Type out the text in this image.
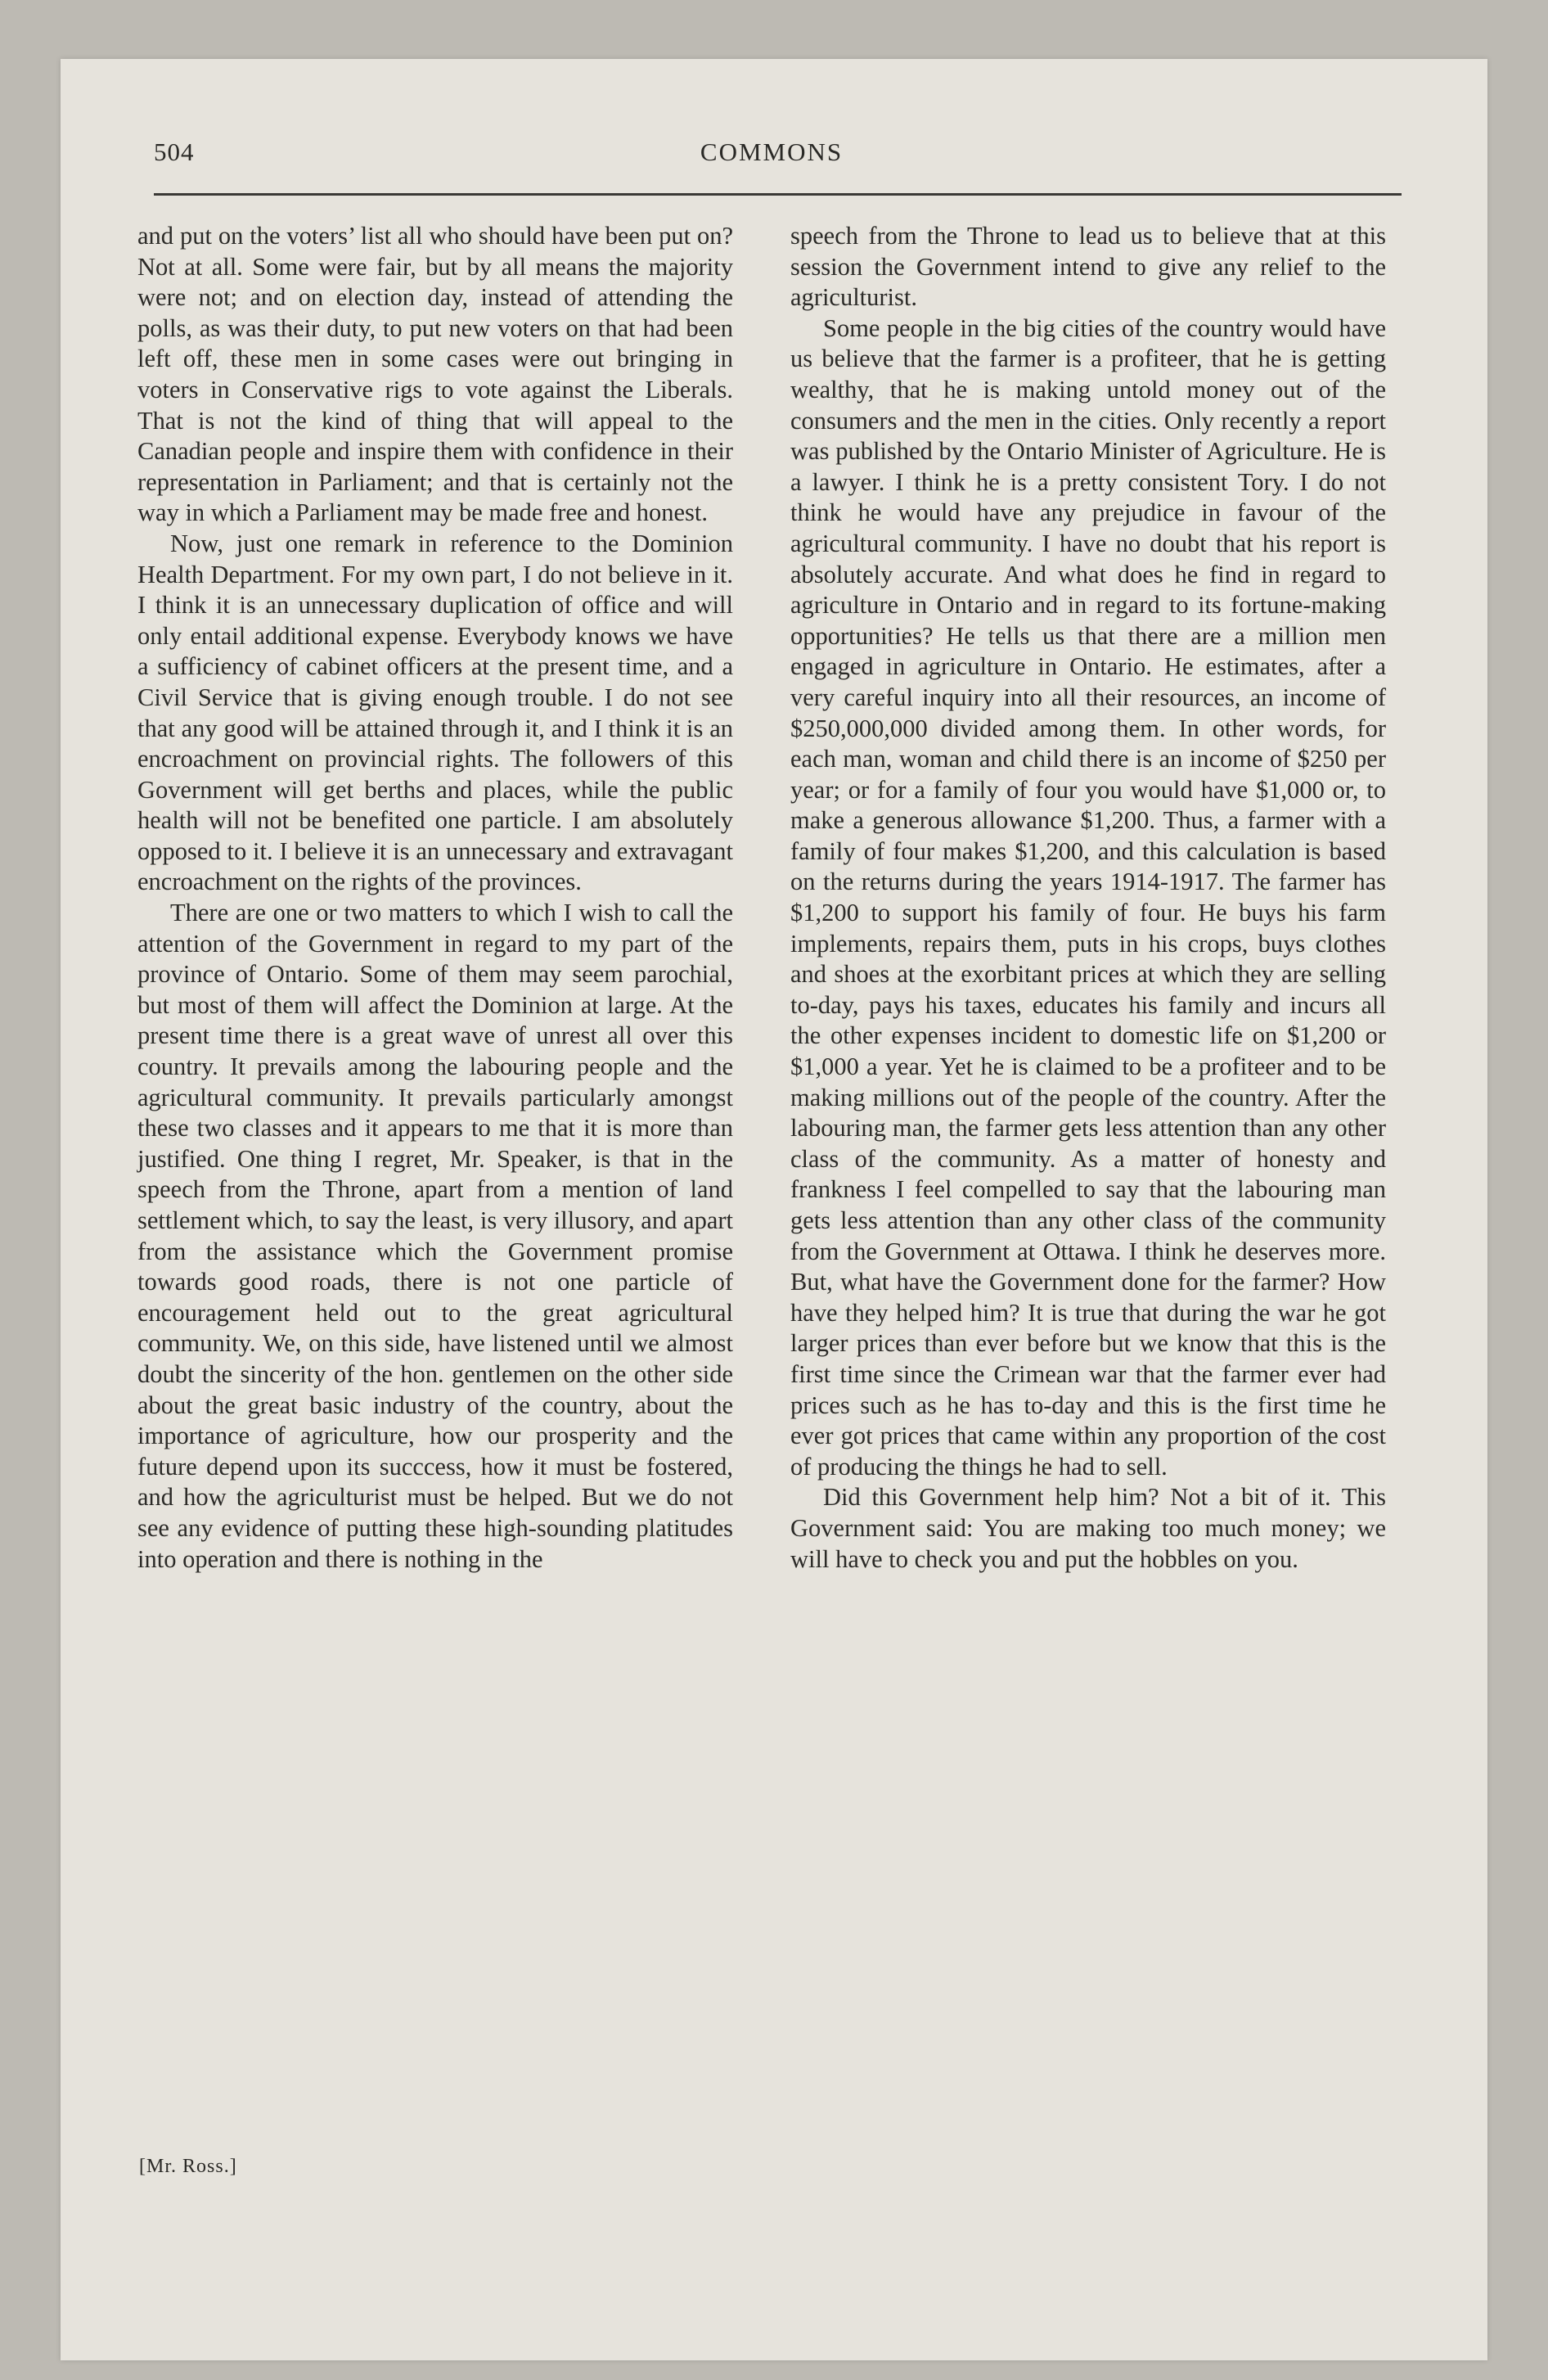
504	COMMONS

and put on the voters’ list all who should have been put on? Not at all. Some were fair, but by all means the majority were not; and on election day, instead of attending the polls, as was their duty, to put new voters on that had been left off, these men in some cases were out bringing in voters in Conservative rigs to vote against the Liberals. That is not the kind of thing that will appeal to the Canadian people and inspire them with confidence in their representation in Parliament; and that is certainly not the way in which a Parliament may be made free and honest.

Now, just one remark in reference to the Dominion Health Department. For my own part, I do not believe in it. I think it is an unnecessary duplication of office and will only entail additional expense. Everybody knows we have a sufficiency of cabinet officers at the present time, and a Civil Service that is giving enough trouble. I do not see that any good will be attained through it, and I think it is an encroachment on provincial rights. The followers of this Government will get berths and places, while the public health will not be benefited one particle. I am absolutely opposed to it. I believe it is an unnecessary and extravagant encroachment on the rights of the provinces.

There are one or two matters to which I wish to call the attention of the Government in regard to my part of the province of Ontario. Some of them may seem parochial, but most of them will affect the Dominion at large. At the present time there is a great wave of unrest all over this country. It prevails among the labouring people and the agricultural community. It prevails particularly amongst these two classes and it appears to me that it is more than justified. One thing I regret, Mr. Speaker, is that in the speech from the Throne, apart from a mention of land settlement which, to say the least, is very illusory, and apart from the assistance which the Government promise towards good roads, there is not one particle of encouragement held out to the great agricultural community. We, on this side, have listened until we almost doubt the sincerity of the hon. gentlemen on the other side about the great basic industry of the country, about the importance of agriculture, how our prosperity and the future depend upon its succcess, how it must be fostered, and how the agriculturist must be helped. But we do not see any evidence of putting these high-sounding platitudes into operation and there is nothing in the

speech from the Throne to lead us to believe that at this session the Government intend to give any relief to the agriculturist.

Some people in the big cities of the country would have us believe that the farmer is a profiteer, that he is getting wealthy, that he is making untold money out of the consumers and the men in the cities. Only recently a report was published by the Ontario Minister of Agriculture. He is a lawyer. I think he is a pretty consistent Tory. I do not think he would have any prejudice in favour of the agricultural community. I have no doubt that his report is absolutely accurate. And what does he find in regard to agriculture in Ontario and in regard to its fortune-making opportunities? He tells us that there are a million men engaged in agriculture in Ontario. He estimates, after a very careful inquiry into all their resources, an income of $250,000,000 divided among them. In other words, for each man, woman and child there is an income of $250 per year; or for a family of four you would have $1,000 or, to make a generous allowance $1,200. Thus, a farmer with a family of four makes $1,200, and this calculation is based on the returns during the years 1914-1917. The farmer has $1,200 to support his family of four. He buys his farm implements, repairs them, puts in his crops, buys clothes and shoes at the exorbitant prices at which they are selling to-day, pays his taxes, educates his family and incurs all the other expenses incident to domestic life on $1,200 or $1,000 a year. Yet he is claimed to be a profiteer and to be making millions out of the people of the country. After the labouring man, the farmer gets less attention than any other class of the community. As a matter of honesty and frankness I feel compelled to say that the labouring man gets less attention than any other class of the community from the Government at Ottawa. I think he deserves more. But, what have the Government done for the farmer? How have they helped him? It is true that during the war he got larger prices than ever before but we know that this is the first time since the Crimean war that the farmer ever had prices such as he has to-day and this is the first time he ever got prices that came within any proportion of the cost of producing the things he had to sell.

Did this Government help him? Not a bit of it. This Government said: You are making too much money; we will have to check you and put the hobbles on you.

[Mr. Ross.]
